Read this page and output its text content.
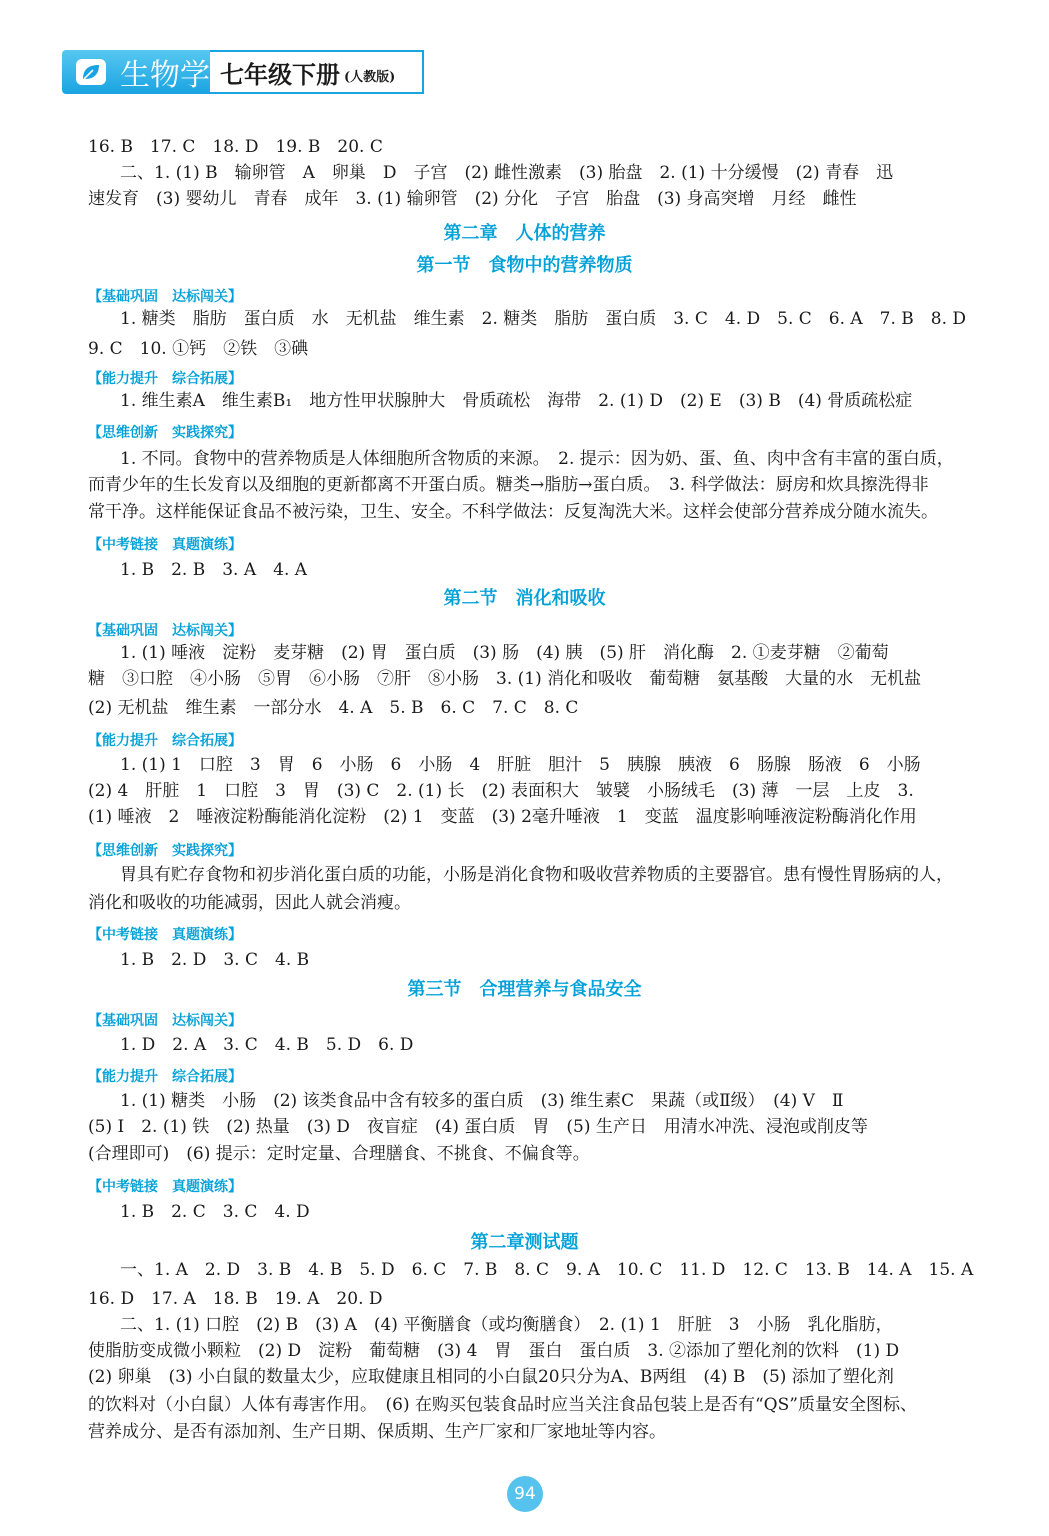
生物学 七年级下册 (人教版)
16. B　17. C　18. D　19. B　20. C
二、1. (1) B　输卵管　A　卵巢　D　子宫　(2) 雌性激素　(3) 胎盘　2. (1) 十分缓慢　(2) 青春　迅
速发育　(3) 婴幼儿　青春　成年　3. (1) 输卵管　(2) 分化　子宫　胎盘　(3) 身高突增　月经　雌性
第二章　人体的营养
第一节　食物中的营养物质
【基础巩固　达标闯关】
1. 糖类　脂肪　蛋白质　水　无机盐　维生素　2. 糖类　脂肪　蛋白质　3. C　4. D　5. C　6. A　7. B　8. D
9. C　10. ①钙　②铁　③碘
【能力提升　综合拓展】
1. 维生素A　维生素B₁　地方性甲状腺肿大　骨质疏松　海带　2. (1) D　(2) E　(3) B　(4) 骨质疏松症
【思维创新　实践探究】
1. 不同。食物中的营养物质是人体细胞所含物质的来源。　2. 提示：因为奶、蛋、鱼、肉中含有丰富的蛋白质，
而青少年的生长发育以及细胞的更新都离不开蛋白质。糖类→脂肪→蛋白质。　3. 科学做法：厨房和炊具擦洗得非
常干净。这样能保证食品不被污染，卫生、安全。不科学做法：反复淘洗大米。这样会使部分营养成分随水流失。
【中考链接　真题演练】
1. B　2. B　3. A　4. A
第二节　消化和吸收
【基础巩固　达标闯关】
1. (1) 唾液　淀粉　麦芽糖　(2) 胃　蛋白质　(3) 肠　(4) 胰　(5) 肝　消化酶　2. ①麦芽糖　②葡萄
糖　③口腔　④小肠　⑤胃　⑥小肠　⑦肝　⑧小肠　3. (1) 消化和吸收　葡萄糖　氨基酸　大量的水　无机盐
(2) 无机盐　维生素　一部分水　4. A　5. B　6. C　7. C　8. C
【能力提升　综合拓展】
1. (1) 1　口腔　3　胃　6　小肠　6　小肠　4　肝脏　胆汁　5　胰腺　胰液　6　肠腺　肠液　6　小肠
(2) 4　肝脏　1　口腔　3　胃　(3) C　2. (1) 长　(2) 表面积大　皱襞　小肠绒毛　(3) 薄　一层　上皮　3.
(1) 唾液　2　唾液淀粉酶能消化淀粉　(2) 1　变蓝　(3) 2毫升唾液　1　变蓝　温度影响唾液淀粉酶消化作用
【思维创新　实践探究】
胃具有贮存食物和初步消化蛋白质的功能，小肠是消化食物和吸收营养物质的主要器官。患有慢性胃肠病的人，
消化和吸收的功能减弱，因此人就会消瘦。
【中考链接　真题演练】
1. B　2. D　3. C　4. B
第三节　合理营养与食品安全
【基础巩固　达标闯关】
1. D　2. A　3. C　4. B　5. D　6. D
【能力提升　综合拓展】
1. (1) 糖类　小肠　(2) 该类食品中含有较多的蛋白质　(3) 维生素C　果蔬（或Ⅱ级）　(4) Ⅴ　Ⅱ
(5) Ⅰ　2. (1) 铁　(2) 热量　(3) D　夜盲症　(4) 蛋白质　胃　(5) 生产日　用清水冲洗、浸泡或削皮等
(合理即可)　(6) 提示：定时定量、合理膳食、不挑食、不偏食等。
【中考链接　真题演练】
1. B　2. C　3. C　4. D
第二章测试题
一、1. A　2. D　3. B　4. B　5. D　6. C　7. B　8. C　9. A　10. C　11. D　12. C　13. B　14. A　15. A
16. D　17. A　18. B　19. A　20. D
二、1. (1) 口腔　(2) B　(3) A　(4) 平衡膳食（或均衡膳食）　2. (1) 1　肝脏　3　小肠　乳化脂肪，
使脂肪变成微小颗粒　(2) D　淀粉　葡萄糖　(3) 4　胃　蛋白　蛋白质　3. ②添加了塑化剂的饮料　(1) D
(2) 卵巢　(3) 小白鼠的数量太少，应取健康且相同的小白鼠20只分为A、B两组　(4) B　(5) 添加了塑化剂
的饮料对（小白鼠）人体有毒害作用。　(6) 在购买包装食品时应当关注食品包装上是否有“QS”质量安全图标、
营养成分、是否有添加剂、生产日期、保质期、生产厂家和厂家地址等内容。
94
